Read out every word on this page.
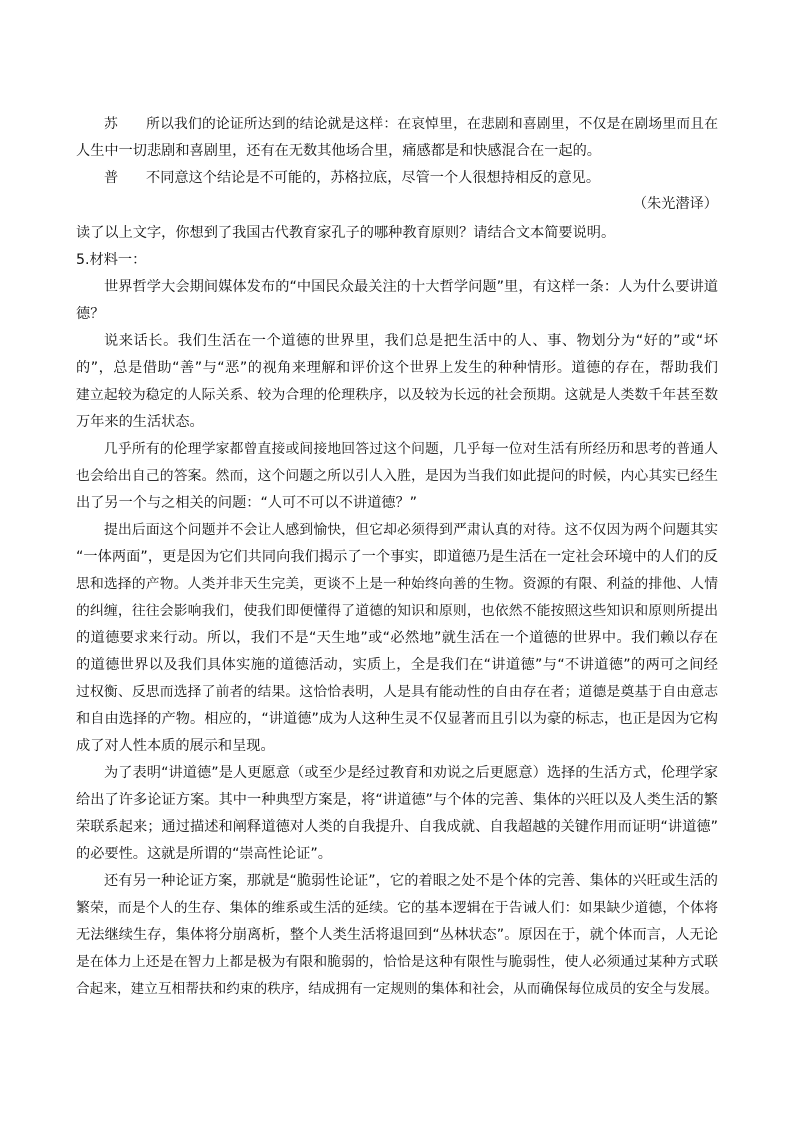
苏 所以我们的论证所达到的结论就是这样：在哀悼里，在悲剧和喜剧里，不仅是在剧场里而且在
人生中一切悲剧和喜剧里，还有在无数其他场合里，痛感都是和快感混合在一起的。
普 不同意这个结论是不可能的，苏格拉底，尽管一个人很想持相反的意见。
（朱光潜译）
读了以上文字，你想到了我国古代教育家孔子的哪种教育原则？请结合文本简要说明。
5.材料一：
世界哲学大会期间媒体发布的“中国民众最关注的十大哲学问题”里，有这样一条：人为什么要讲道
德？
说来话长。我们生活在一个道德的世界里，我们总是把生活中的人、事、物划分为“好的”或“坏
的”，总是借助“善”与“恶”的视角来理解和评价这个世界上发生的种种情形。道德的存在，帮助我们
建立起较为稳定的人际关系、较为合理的伦理秩序，以及较为长远的社会预期。这就是人类数千年甚至数
万年来的生活状态。
几乎所有的伦理学家都曾直接或间接地回答过这个问题，几乎每一位对生活有所经历和思考的普通人
也会给出自己的答案。然而，这个问题之所以引人入胜，是因为当我们如此提问的时候，内心其实已经生
出了另一个与之相关的问题：“人可不可以不讲道德？”
提出后面这个问题并不会让人感到愉快，但它却必须得到严肃认真的对待。这不仅因为两个问题其实
“一体两面”，更是因为它们共同向我们揭示了一个事实，即道德乃是生活在一定社会环境中的人们的反
思和选择的产物。人类并非天生完美，更谈不上是一种始终向善的生物。资源的有限、利益的排他、人情
的纠缠，往往会影响我们，使我们即便懂得了道德的知识和原则，也依然不能按照这些知识和原则所提出
的道德要求来行动。所以，我们不是“天生地”或“必然地”就生活在一个道德的世界中。我们赖以存在
的道德世界以及我们具体实施的道德活动，实质上，全是我们在“讲道德”与“不讲道德”的两可之间经
过权衡、反思而选择了前者的结果。这恰恰表明，人是具有能动性的自由存在者；道德是奠基于自由意志
和自由选择的产物。相应的，“讲道德”成为人这种生灵不仅显著而且引以为豪的标志，也正是因为它构
成了对人性本质的展示和呈现。
为了表明“讲道德”是人更愿意（或至少是经过教育和劝说之后更愿意）选择的生活方式，伦理学家
给出了许多论证方案。其中一种典型方案是，将“讲道德”与个体的完善、集体的兴旺以及人类生活的繁
荣联系起来；通过描述和阐释道德对人类的自我提升、自我成就、自我超越的关键作用而证明“讲道德”
的必要性。这就是所谓的“崇高性论证”。
还有另一种论证方案，那就是“脆弱性论证”，它的着眼之处不是个体的完善、集体的兴旺或生活的
繁荣，而是个人的生存、集体的维系或生活的延续。它的基本逻辑在于告诫人们：如果缺少道德，个体将
无法继续生存，集体将分崩离析，整个人类生活将退回到“丛林状态”。原因在于，就个体而言，人无论
是在体力上还是在智力上都是极为有限和脆弱的，恰恰是这种有限性与脆弱性，使人必须通过某种方式联
合起来，建立互相帮扶和约束的秩序，结成拥有一定规则的集体和社会，从而确保每位成员的安全与发展。
